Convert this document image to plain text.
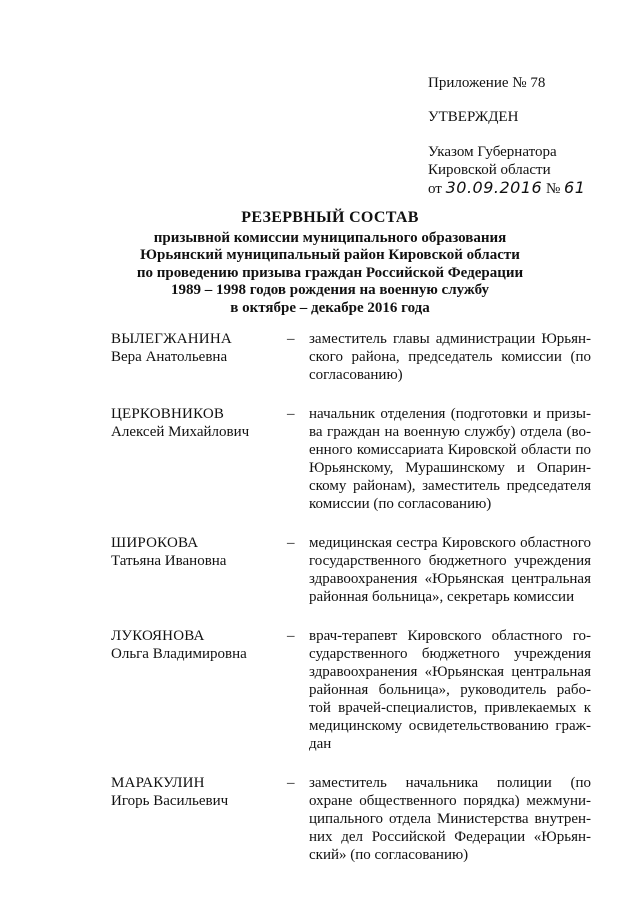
Приложение № 78
УТВЕРЖДЕН
Указом Губернатора
Кировской области
от 30.09.2016 № 61
РЕЗЕРВНЫЙ СОСТАВ
призывной комиссии муниципального образования
Юрьянский муниципальный район Кировской области
по проведению призыва граждан Российской Федерации
1989 – 1998 годов рождения на военную службу
в октябре – декабре 2016 года
ВЫЛЕГЖАНИНА
Вера Анатольевна
– заместитель главы администрации Юрьян-
ского района, председатель комиссии (по
согласованию)
ЦЕРКОВНИКОВ
Алексей Михайлович
– начальник отделения (подготовки и призы-
ва граждан на военную службу) отдела (во-
енного комиссариата Кировской области по
Юрьянскому, Мурашинскому и Опарин-
скому районам), заместитель председателя
комиссии (по согласованию)
ШИРОКОВА
Татьяна Ивановна
– медицинская сестра Кировского областного
государственного бюджетного учреждения
здравоохранения «Юрьянская центральная
районная больница», секретарь комиссии
ЛУКОЯНОВА
Ольга Владимировна
– врач-терапевт Кировского областного го-
сударственного бюджетного учреждения
здравоохранения «Юрьянская центральная
районная больница», руководитель рабо-
той врачей-специалистов, привлекаемых к
медицинскому освидетельствованию граж-
дан
МАРАКУЛИН
Игорь Васильевич
– заместитель начальника полиции (по
охране общественного порядка) межмуни-
ципального отдела Министерства внутрен-
них дел Российской Федерации «Юрьян-
ский» (по согласованию)
